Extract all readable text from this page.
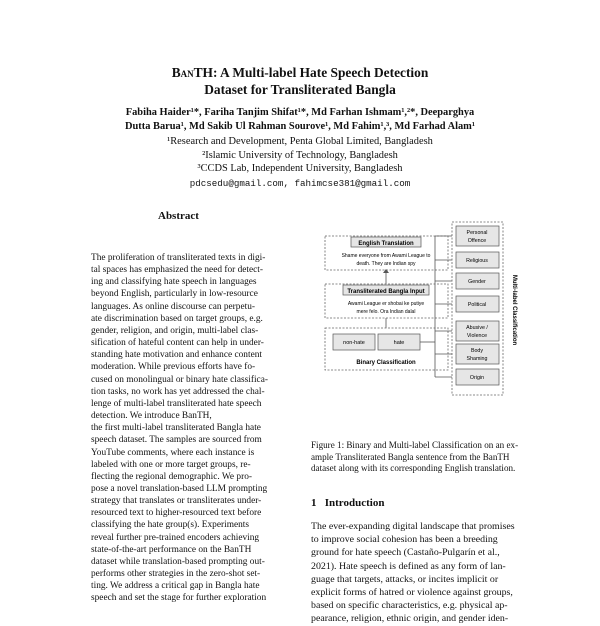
BanTH: A Multi-label Hate Speech Detection
Dataset for Transliterated Bangla
Fabiha Haider¹*, Fariha Tanjim Shifat¹*, Md Farhan Ishmam¹,²*, Deeparghya
Dutta Barua¹, Md Sakib Ul Rahman Sourove¹, Md Fahim¹,³, Md Farhad Alam¹
¹Research and Development, Penta Global Limited, Bangladesh
²Islamic University of Technology, Bangladesh
³CCDS Lab, Independent University, Bangladesh
pdcsedu@gmail.com, fahimcse381@gmail.com
Abstract
The proliferation of transliterated texts in digi-
tal spaces has emphasized the need for detect-
ing and classifying hate speech in languages
beyond English, particularly in low-resource
languages. As online discourse can perpetu-
ate discrimination based on target groups, e.g.
gender, religion, and origin, multi-label clas-
sification of hateful content can help in under-
standing hate motivation and enhance content
moderation. While previous efforts have fo-
cused on monolingual or binary hate classifica-
tion tasks, no work has yet addressed the chal-
lenge of multi-label transliterated hate speech
detection. We introduce BanTH,
the first multi-label transliterated Bangla hate
speech dataset. The samples are sourced from
YouTube comments, where each instance is
labeled with one or more target groups, re-
flecting the regional demographic. We pro-
pose a novel translation-based LLM prompting
strategy that translates or transliterates under-
resourced text to higher-resourced text before
classifying the hate group(s). Experiments
reveal further pre-trained encoders achieving
state-of-the-art performance on the BanTH
dataset while translation-based prompting out-
performs other strategies in the zero-shot set-
ting. We address a critical gap in Bangla hate
speech and set the stage for further exploration
English Translation
Shame everyone from Awami League to
death. They are Indian spy
Transliterated Bangla Input
Awami League er shobai ke putiye
mere felo. Ora Indian dalal
non-hate	hate
Binary Classification
Personal
Offence
Religious
Gender
Political
Abusive /
Violence
Body
Shaming
Origin
Multi-label Classification
Figure 1: Binary and Multi-label Classification on an ex-
ample Transliterated Bangla sentence from the BanTH
dataset along with its corresponding English translation.
1 Introduction
The ever-expanding digital landscape that promises
to improve social cohesion has been a breeding
ground for hate speech (Castaño-Pulgarín et al.,
2021). Hate speech is defined as any form of lan-
guage that targets, attacks, or incites implicit or
explicit forms of hatred or violence against groups,
based on specific characteristics, e.g. physical ap-
pearance, religion, ethnic origin, and gender iden-
